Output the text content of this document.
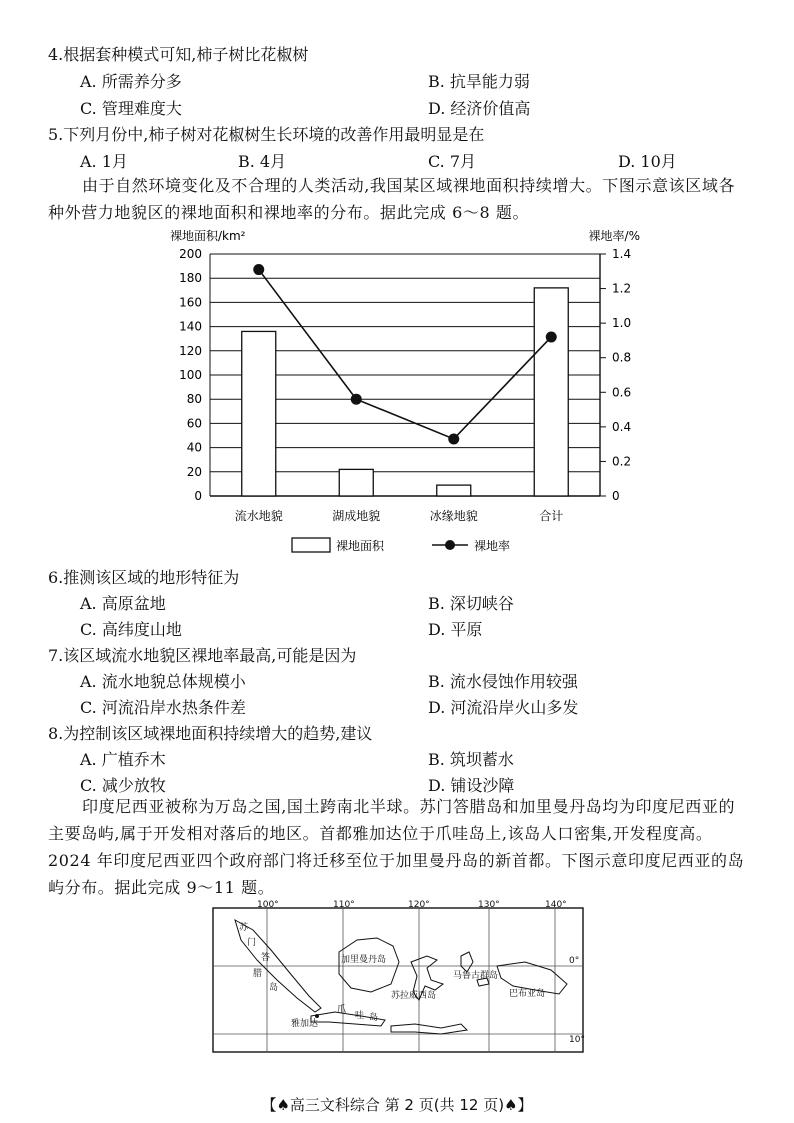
4.根据套种模式可知,柿子树比花椒树
A. 所需养分多	B. 抗旱能力弱
C. 管理难度大	D. 经济价值高
5.下列月份中,柿子树对花椒树生长环境的改善作用最明显是在
A. 1月	B. 4月	C. 7月	D. 10月
由于自然环境变化及不合理的人类活动,我国某区域裸地面积持续增大。下图示意该区域各种外营力地貌区的裸地面积和裸地率的分布。据此完成 6～8 题。
裸地面积/km²	裸地率/%
0
20
40
60
80
100
120
140
160
180
200
0
0.2
0.4
0.6
0.8
1.0
1.2
1.4
流水地貌	湖成地貌	冰缘地貌	合计
裸地面积	裸地率
6.推测该区域的地形特征为
A. 高原盆地	B. 深切峡谷
C. 高纬度山地	D. 平原
7.该区域流水地貌区裸地率最高,可能是因为
A. 流水地貌总体规模小	B. 流水侵蚀作用较强
C. 河流沿岸水热条件差	D. 河流沿岸火山多发
8.为控制该区域裸地面积持续增大的趋势,建议
A. 广植乔木	B. 筑坝蓄水
C. 减少放牧	D. 铺设沙障
印度尼西亚被称为万岛之国,国土跨南北半球。苏门答腊岛和加里曼丹岛均为印度尼西亚的主要岛屿,属于开发相对落后的地区。首都雅加达位于爪哇岛上,该岛人口密集,开发程度高。2024 年印度尼西亚四个政府部门将迁移至位于加里曼丹岛的新首都。下图示意印度尼西亚的岛屿分布。据此完成 9～11 题。
100°	110°	120°	130°	140°
0°
10°
苏
门
答
腊
岛
加里曼丹岛
苏拉威西岛
马鲁古群岛
巴布亚岛
爪
哇 岛
雅加达
【♠高三文科综合 第 2 页(共 12 页)♠】
